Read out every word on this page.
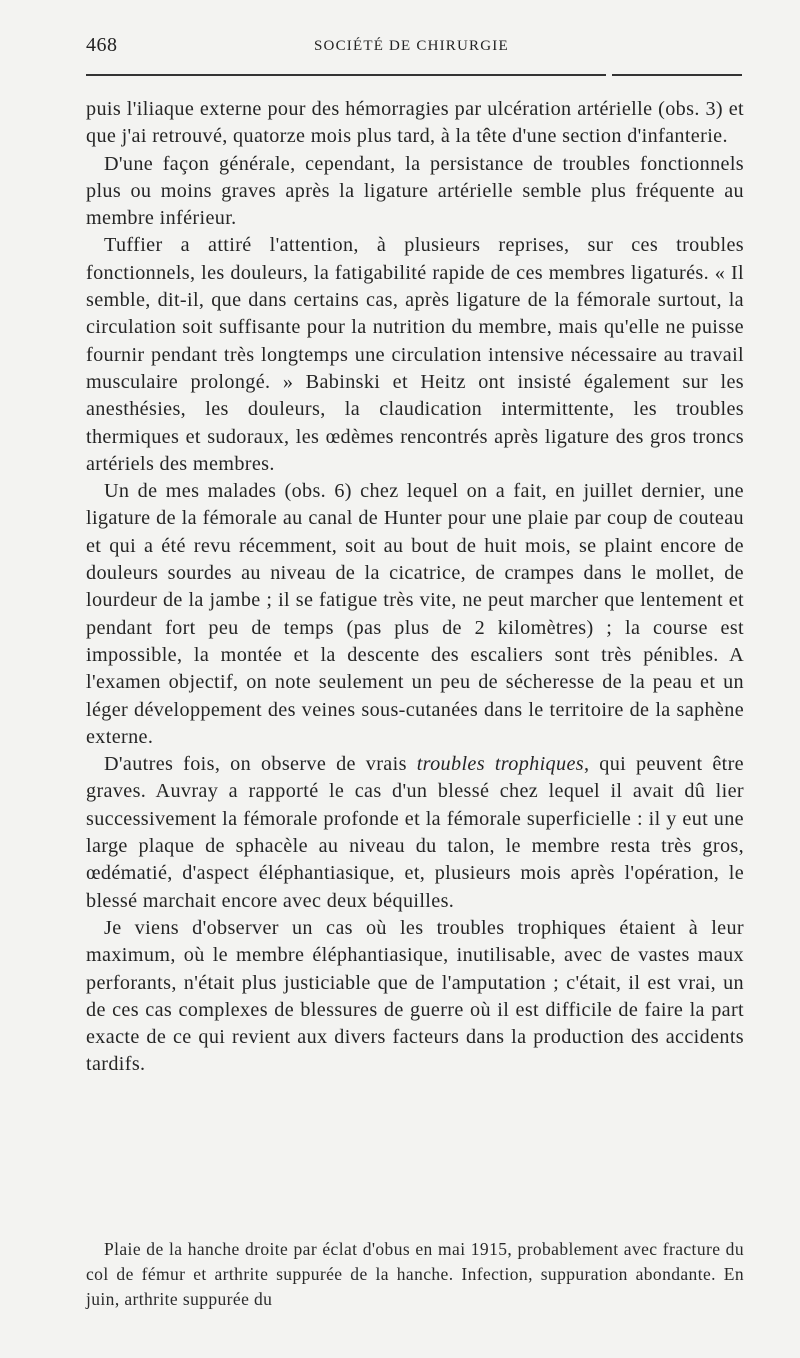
468	SOCIÉTÉ DE CHIRURGIE

puis l'iliaque externe pour des hémorragies par ulcération artérielle (obs. 3) et que j'ai retrouvé, quatorze mois plus tard, à la tête d'une section d'infanterie.

D'une façon générale, cependant, la persistance de troubles fonctionnels plus ou moins graves après la ligature artérielle semble plus fréquente au membre inférieur.

Tuffier a attiré l'attention, à plusieurs reprises, sur ces troubles fonctionnels, les douleurs, la fatigabilité rapide de ces membres ligaturés. « Il semble, dit-il, que dans certains cas, après ligature de la fémorale surtout, la circulation soit suffisante pour la nutrition du membre, mais qu'elle ne puisse fournir pendant très longtemps une circulation intensive nécessaire au travail musculaire prolongé. » Babinski et Heitz ont insisté également sur les anesthésies, les douleurs, la claudication intermittente, les troubles thermiques et sudoraux, les œdèmes rencontrés après ligature des gros troncs artériels des membres.

Un de mes malades (obs. 6) chez lequel on a fait, en juillet dernier, une ligature de la fémorale au canal de Hunter pour une plaie par coup de couteau et qui a été revu récemment, soit au bout de huit mois, se plaint encore de douleurs sourdes au niveau de la cicatrice, de crampes dans le mollet, de lourdeur de la jambe ; il se fatigue très vite, ne peut marcher que lentement et pendant fort peu de temps (pas plus de 2 kilomètres) ; la course est impossible, la montée et la descente des escaliers sont très pénibles. A l'examen objectif, on note seulement un peu de sécheresse de la peau et un léger développement des veines sous-cutanées dans le territoire de la saphène externe.

D'autres fois, on observe de vrais troubles trophiques, qui peuvent être graves. Auvray a rapporté le cas d'un blessé chez lequel il avait dû lier successivement la fémorale profonde et la fémorale superficielle : il y eut une large plaque de sphacèle au niveau du talon, le membre resta très gros, œdématié, d'aspect éléphantiasique, et, plusieurs mois après l'opération, le blessé marchait encore avec deux béquilles.

Je viens d'observer un cas où les troubles trophiques étaient à leur maximum, où le membre éléphantiasique, inutilisable, avec de vastes maux perforants, n'était plus justiciable que de l'amputation ; c'était, il est vrai, un de ces cas complexes de blessures de guerre où il est difficile de faire la part exacte de ce qui revient aux divers facteurs dans la production des accidents tardifs.

Plaie de la hanche droite par éclat d'obus en mai 1915, probablement avec fracture du col de fémur et arthrite suppurée de la hanche. Infection, suppuration abondante. En juin, arthrite suppurée du
